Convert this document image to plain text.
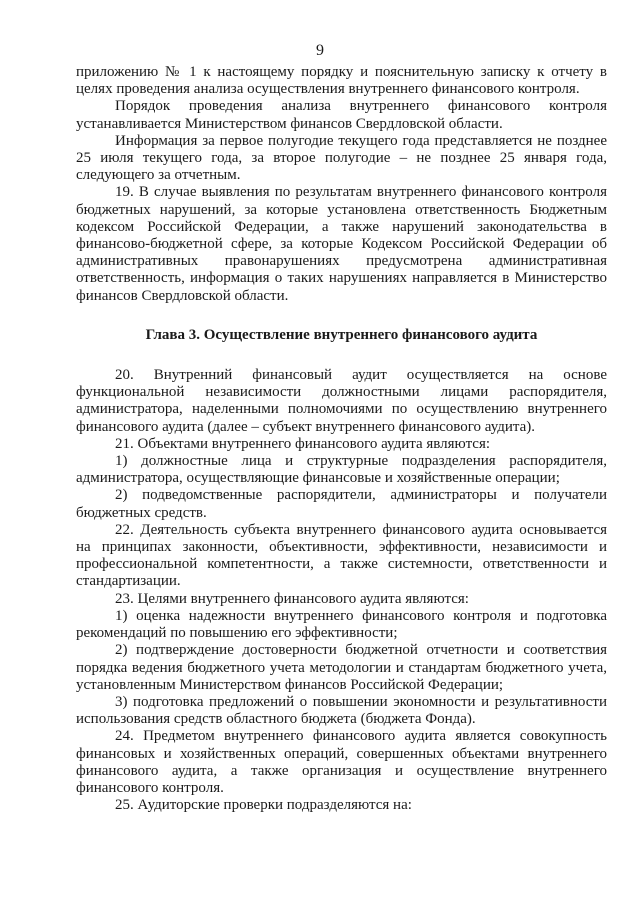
9

приложению № 1 к настоящему порядку и пояснительную записку к отчету в целях проведения анализа осуществления внутреннего финансового контроля.

Порядок проведения анализа внутреннего финансового контроля устанавливается Министерством финансов Свердловской области.

Информация за первое полугодие текущего года представляется не позднее 25 июля текущего года, за второе полугодие – не позднее 25 января года, следующего за отчетным.

19. В случае выявления по результатам внутреннего финансового контроля бюджетных нарушений, за которые установлена ответственность Бюджетным кодексом Российской Федерации, а также нарушений законодательства в финансово-бюджетной сфере, за которые Кодексом Российской Федерации об административных правонарушениях предусмотрена административная ответственность, информация о таких нарушениях направляется в Министерство финансов Свердловской области.

Глава 3. Осуществление внутреннего финансового аудита

20. Внутренний финансовый аудит осуществляется на основе функциональной независимости должностными лицами распорядителя, администратора, наделенными полномочиями по осуществлению внутреннего финансового аудита (далее – субъект внутреннего финансового аудита).

21. Объектами внутреннего финансового аудита являются:

1) должностные лица и структурные подразделения распорядителя, администратора, осуществляющие финансовые и хозяйственные операции;

2) подведомственные распорядители, администраторы и получатели бюджетных средств.

22. Деятельность субъекта внутреннего финансового аудита основывается на принципах законности, объективности, эффективности, независимости и профессиональной компетентности, а также системности, ответственности и стандартизации.

23. Целями внутреннего финансового аудита являются:

1) оценка надежности внутреннего финансового контроля и подготовка рекомендаций по повышению его эффективности;

2) подтверждение достоверности бюджетной отчетности и соответствия порядка ведения бюджетного учета методологии и стандартам бюджетного учета, установленным Министерством финансов Российской Федерации;

3) подготовка предложений о повышении экономности и результативности использования средств областного бюджета (бюджета Фонда).

24. Предметом внутреннего финансового аудита является совокупность финансовых и хозяйственных операций, совершенных объектами внутреннего финансового аудита, а также организация и осуществление внутреннего финансового контроля.

25. Аудиторские проверки подразделяются на:
